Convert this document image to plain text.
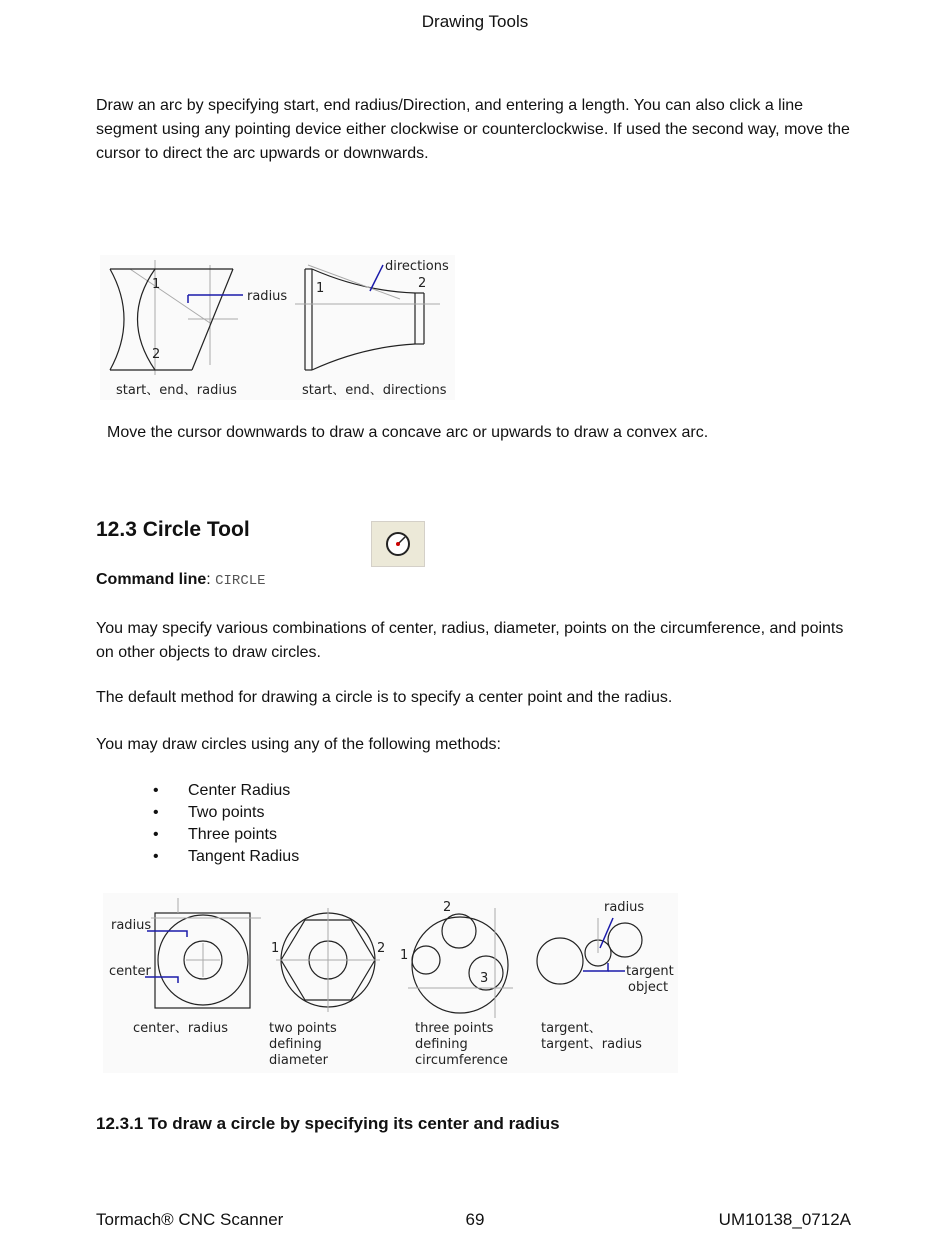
Drawing Tools
Draw an arc by specifying start, end radius/Direction, and entering a length. You can also click a line segment using any pointing device either clockwise or counterclockwise. If used the second way, move the cursor to direct the arc upwards or downwards.
1
2
radius
start、end、radius
1	2
directions
start、end、directions
Move the cursor downwards to draw a concave arc or upwards to draw a convex arc.
12.3 Circle Tool
Command line: CIRCLE
You may specify various combinations of center, radius, diameter, points on the circumference, and points on other objects to draw circles.
The default method for drawing a circle is to specify a center point and the radius.
You may draw circles using any of the following methods:
• Center Radius
• Two points
• Three points
• Tangent Radius
radius
center
center、radius
1	2
two points
defining
diameter
2
1
3
three points
defining
circumference
radius
targent
object
targent、
targent、radius
12.3.1 To draw a circle by specifying its center and radius
Tormach® CNC Scanner	69	UM10138_0712A
